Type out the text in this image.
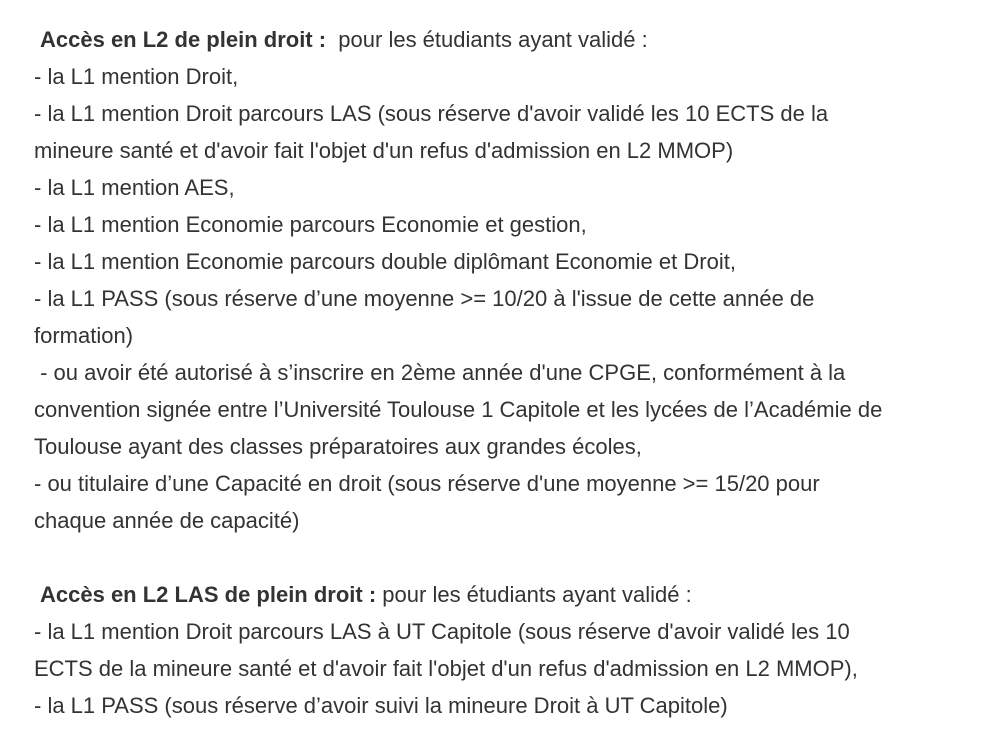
Accès en L2 de plein droit :  pour les étudiants ayant validé :
- la L1 mention Droit,
- la L1 mention Droit parcours LAS (sous réserve d'avoir validé les 10 ECTS de la
mineure santé et d'avoir fait l'objet d'un refus d'admission en L2 MMOP)
- la L1 mention AES,
- la L1 mention Economie parcours Economie et gestion,
- la L1 mention Economie parcours double diplômant Economie et Droit,
- la L1 PASS (sous réserve d’une moyenne >= 10/20 à l'issue de cette année de
formation)
- ou avoir été autorisé à s’inscrire en 2ème année d'une CPGE, conformément à la
convention signée entre l’Université Toulouse 1 Capitole et les lycées de l’Académie de
Toulouse ayant des classes préparatoires aux grandes écoles,
- ou titulaire d’une Capacité en droit (sous réserve d'une moyenne >= 15/20 pour
chaque année de capacité)
Accès en L2 LAS de plein droit : pour les étudiants ayant validé :
- la L1 mention Droit parcours LAS à UT Capitole (sous réserve d'avoir validé les 10
ECTS de la mineure santé et d'avoir fait l'objet d'un refus d'admission en L2 MMOP),
- la L1 PASS (sous réserve d’avoir suivi la mineure Droit à UT Capitole)
